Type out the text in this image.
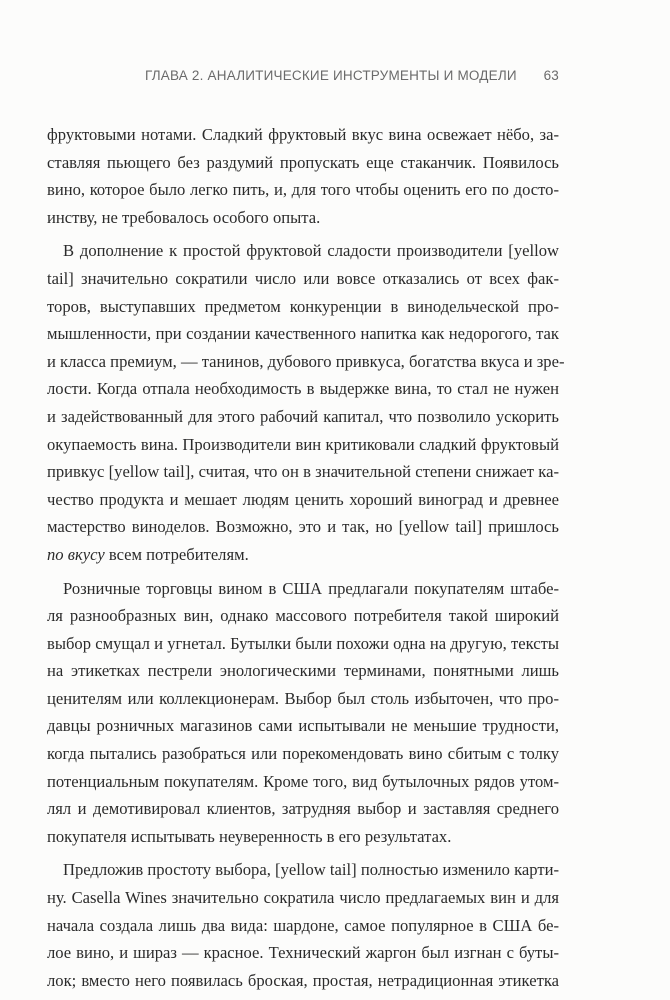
ГЛАВА 2. АНАЛИТИЧЕСКИЕ ИНСТРУМЕНТЫ И МОДЕЛИ 63
фруктовыми нотами. Сладкий фруктовый вкус вина освежает нёбо, за-
ставляя пьющего без раздумий пропускать еще стаканчик. Появилось
вино, которое было легко пить, и, для того чтобы оценить его по досто-
инству, не требовалось особого опыта.
В дополнение к простой фруктовой сладости производители [yellow
tail] значительно сократили число или вовсе отказались от всех фак-
торов, выступавших предметом конкуренции в винодельческой про-
мышленности, при создании качественного напитка как недорогого, так
и класса премиум, — танинов, дубового привкуса, богатства вкуса и зре-
лости. Когда отпала необходимость в выдержке вина, то стал не нужен
и задействованный для этого рабочий капитал, что позволило ускорить
окупаемость вина. Производители вин критиковали сладкий фруктовый
привкус [yellow tail], считая, что он в значительной степени снижает ка-
чество продукта и мешает людям ценить хороший виноград и древнее
мастерство виноделов. Возможно, это и так, но [yellow tail] пришлось
по вкусу всем потребителям.
Розничные торговцы вином в США предлагали покупателям штабе-
ля разнообразных вин, однако массового потребителя такой широкий
выбор смущал и угнетал. Бутылки были похожи одна на другую, тексты
на этикетках пестрели энологическими терминами, понятными лишь
ценителям или коллекционерам. Выбор был столь избыточен, что про-
давцы розничных магазинов сами испытывали не меньшие трудности,
когда пытались разобраться или порекомендовать вино сбитым с толку
потенциальным покупателям. Кроме того, вид бутылочных рядов утом-
лял и демотивировал клиентов, затрудняя выбор и заставляя среднего
покупателя испытывать неуверенность в его результатах.
Предложив простоту выбора, [yellow tail] полностью изменило карти-
ну. Casella Wines значительно сократила число предлагаемых вин и для
начала создала лишь два вида: шардоне, самое популярное в США бе-
лое вино, и шираз — красное. Технический жаргон был изгнан с буты-
лок; вместо него появилась броская, простая, нетрадиционная этикетка
